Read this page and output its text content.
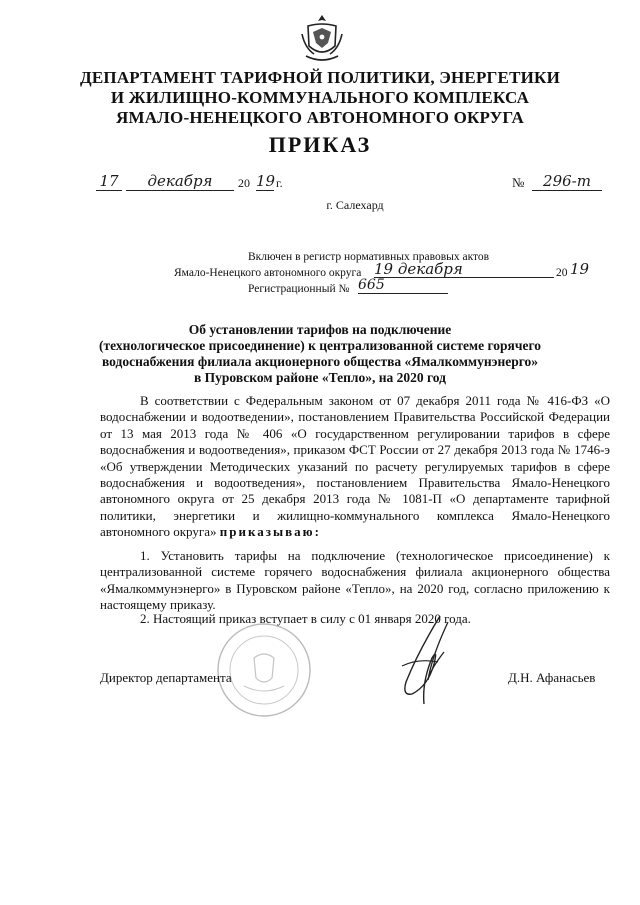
ДЕПАРТАМЕНТ ТАРИФНОЙ ПОЛИТИКИ, ЭНЕРГЕТИКИ
И ЖИЛИЩНО-КОММУНАЛЬНОГО КОМПЛЕКСА
ЯМАЛО-НЕНЕЦКОГО АВТОНОМНОГО ОКРУГА
ПРИКАЗ
17	декабря	20 19 г.	№	296-т
г. Салехард
Включен в регистр нормативных правовых актов
Ямало-Ненецкого автономного округа 19 декабря	20 19
Регистрационный № 665
Об установлении тарифов на подключение
(технологическое присоединение) к централизованной системе горячего
водоснабжения филиала акционерного общества «Ямалкоммунэнерго»
в Пуровском районе «Тепло», на 2020 год
В соответствии с Федеральным законом от 07 декабря 2011 года № 416-ФЗ «О водоснабжении и водоотведении», постановлением Правительства Российской Федерации от 13 мая 2013 года № 406 «О государственном регулировании тарифов в сфере водоснабжения и водоотведения», приказом ФСТ России от 27 декабря 2013 года № 1746-э «Об утверждении Методических указаний по расчету регулируемых тарифов в сфере водоснабжения и водоотведения», постановлением Правительства Ямало-Ненецкого автономного округа от 25 декабря 2013 года № 1081-П «О департаменте тарифной политики, энергетики и жилищно-коммунального комплекса Ямало-Ненецкого автономного округа» приказываю:
1. Установить тарифы на подключение (технологическое присоединение) к централизованной системе горячего водоснабжения филиала акционерного общества «Ямалкоммунэнерго» в Пуровском районе «Тепло», на 2020 год, согласно приложению к настоящему приказу.
2. Настоящий приказ вступает в силу с 01 января 2020 года.
Директор департамента	Д.Н. Афанасьев
